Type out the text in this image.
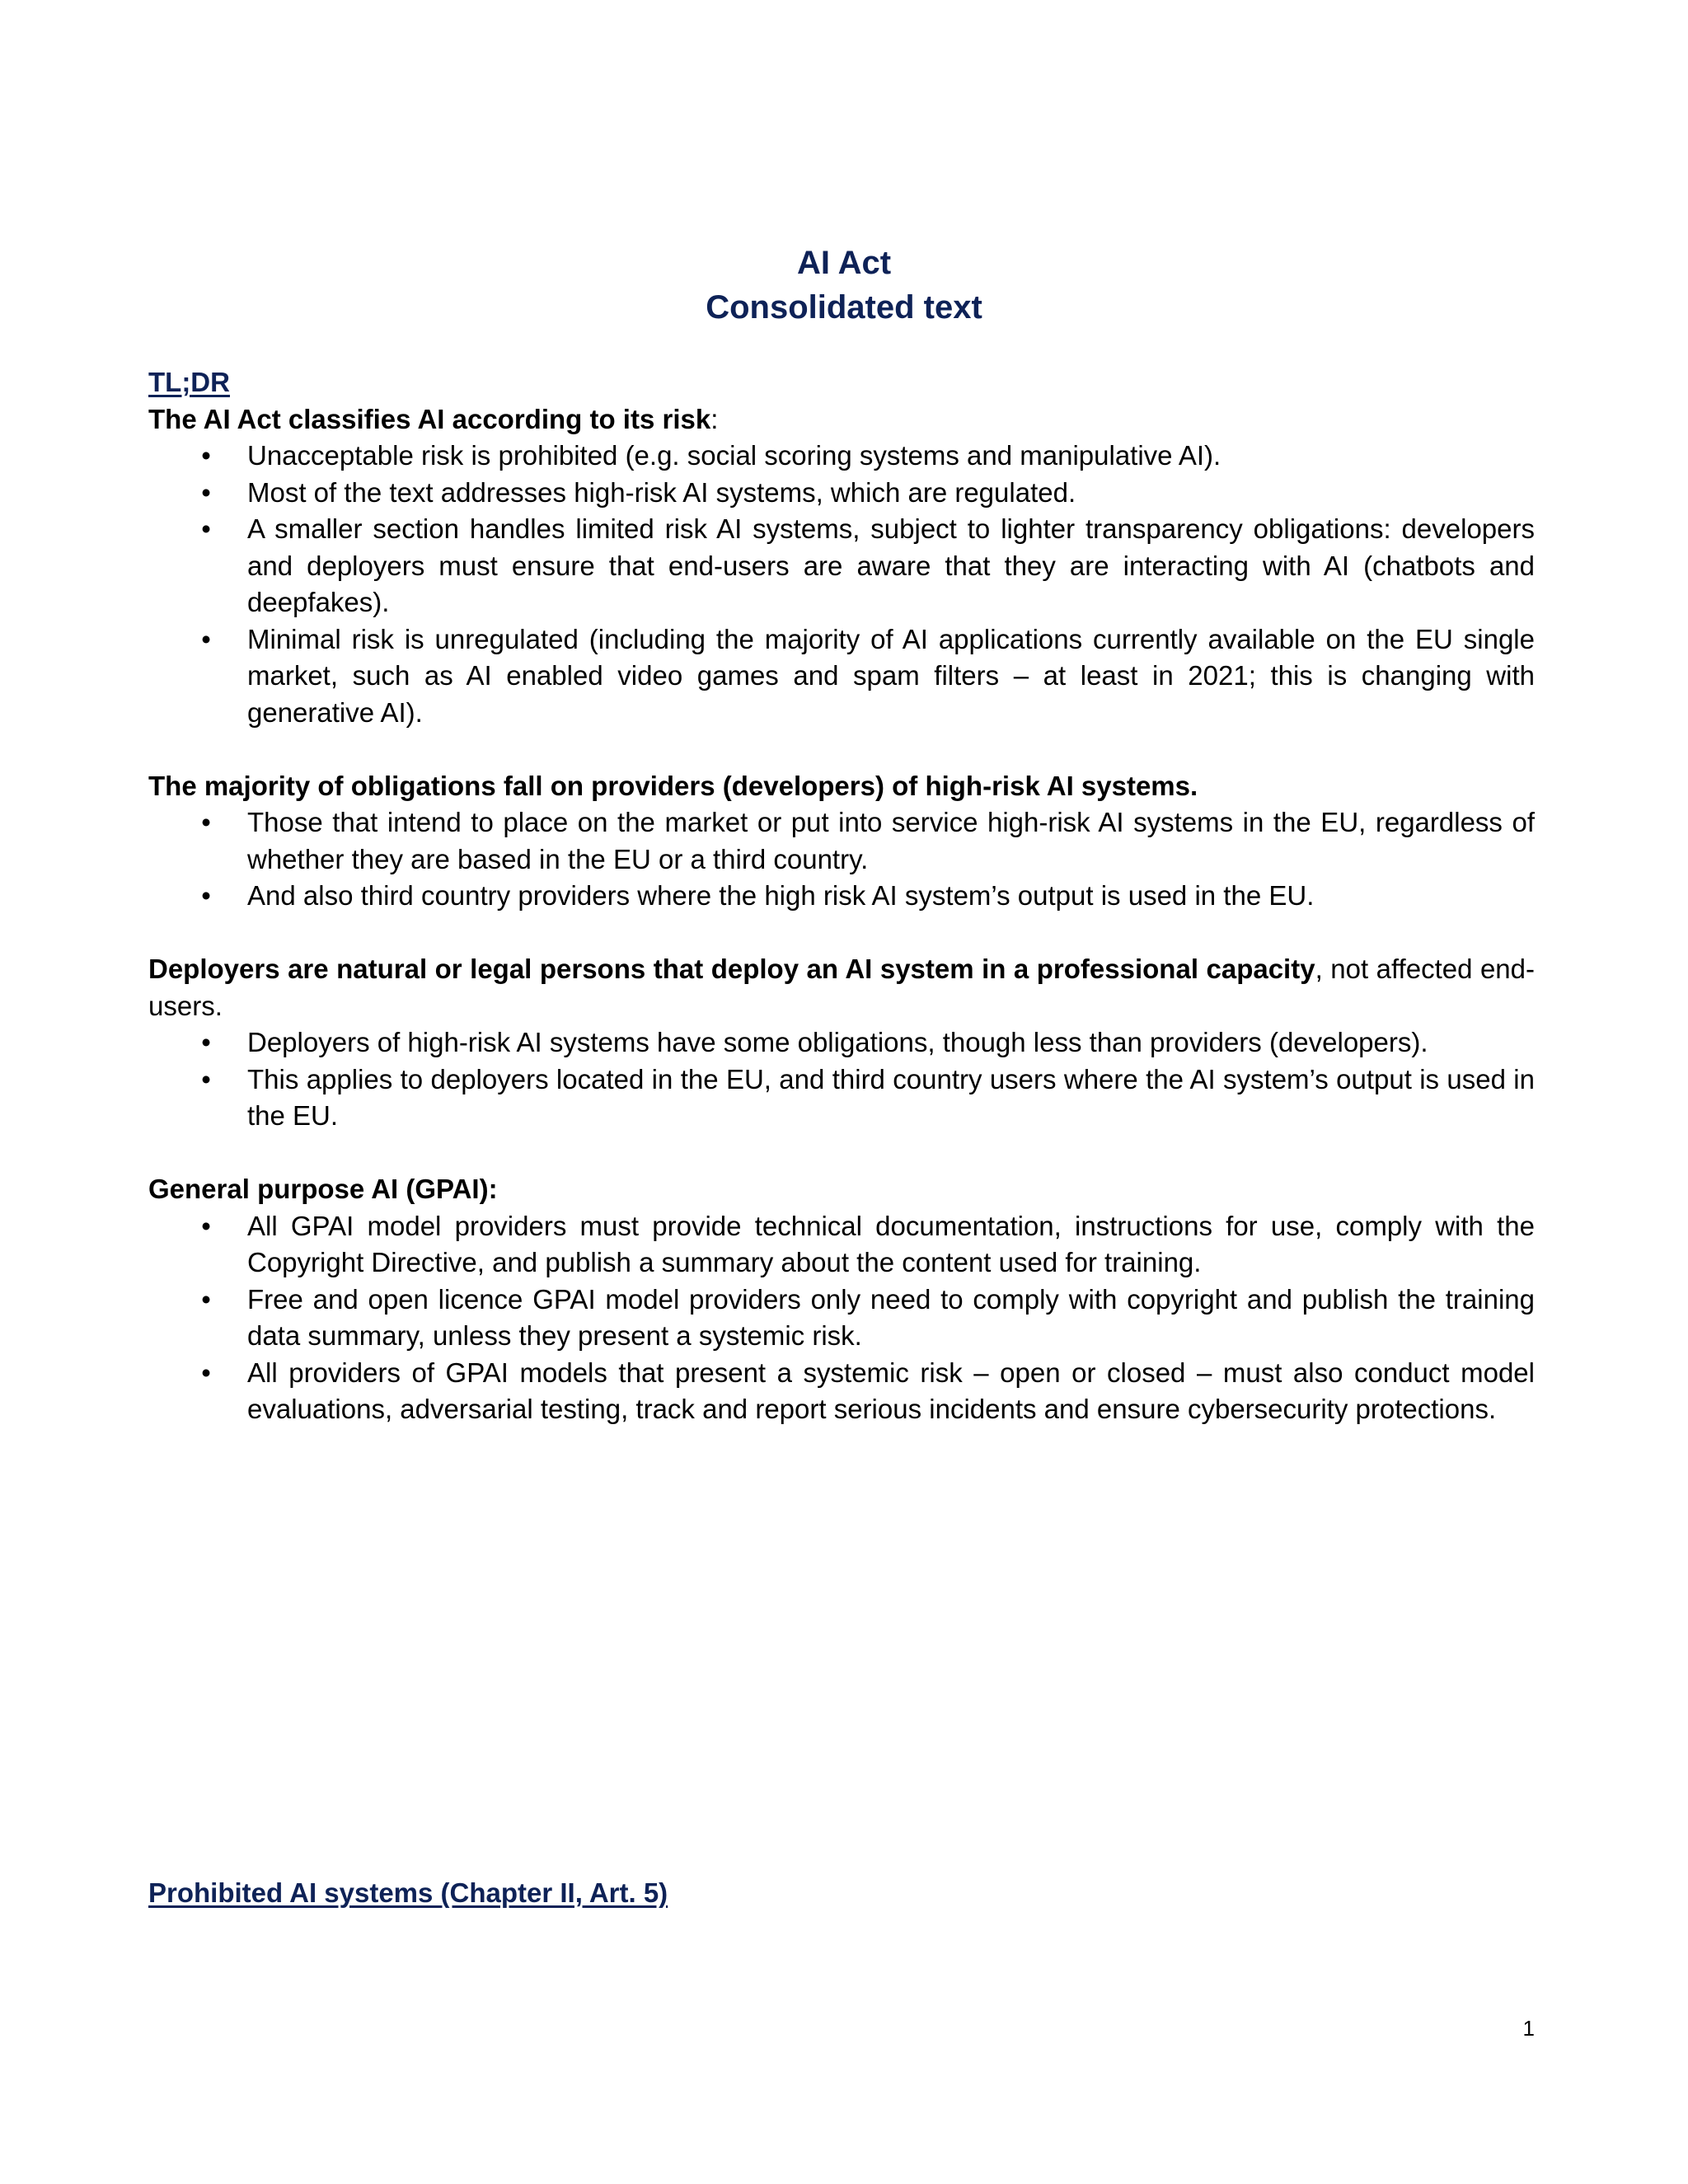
AI Act
Consolidated text
TL;DR

The AI Act classifies AI according to its risk:

• Unacceptable risk is prohibited (e.g. social scoring systems and manipulative AI).
• Most of the text addresses high-risk AI systems, which are regulated.
• A smaller section handles limited risk AI systems, subject to lighter transparency obligations: developers and deployers must ensure that end-users are aware that they are interacting with AI (chatbots and deepfakes).
• Minimal risk is unregulated (including the majority of AI applications currently available on the EU single market, such as AI enabled video games and spam filters – at least in 2021; this is changing with generative AI).

The majority of obligations fall on providers (developers) of high-risk AI systems.

• Those that intend to place on the market or put into service high-risk AI systems in the EU, regardless of whether they are based in the EU or a third country.
• And also third country providers where the high risk AI system’s output is used in the EU.

Deployers are natural or legal persons that deploy an AI system in a professional capacity, not affected end-users.

• Deployers of high-risk AI systems have some obligations, though less than providers (developers).
• This applies to deployers located in the EU, and third country users where the AI system’s output is used in the EU.

General purpose AI (GPAI):

• All GPAI model providers must provide technical documentation, instructions for use, comply with the Copyright Directive, and publish a summary about the content used for training.
• Free and open licence GPAI model providers only need to comply with copyright and publish the training data summary, unless they present a systemic risk.
• All providers of GPAI models that present a systemic risk – open or closed – must also conduct model evaluations, adversarial testing, track and report serious incidents and ensure cybersecurity protections.
Prohibited AI systems (Chapter II, Art. 5)
1
